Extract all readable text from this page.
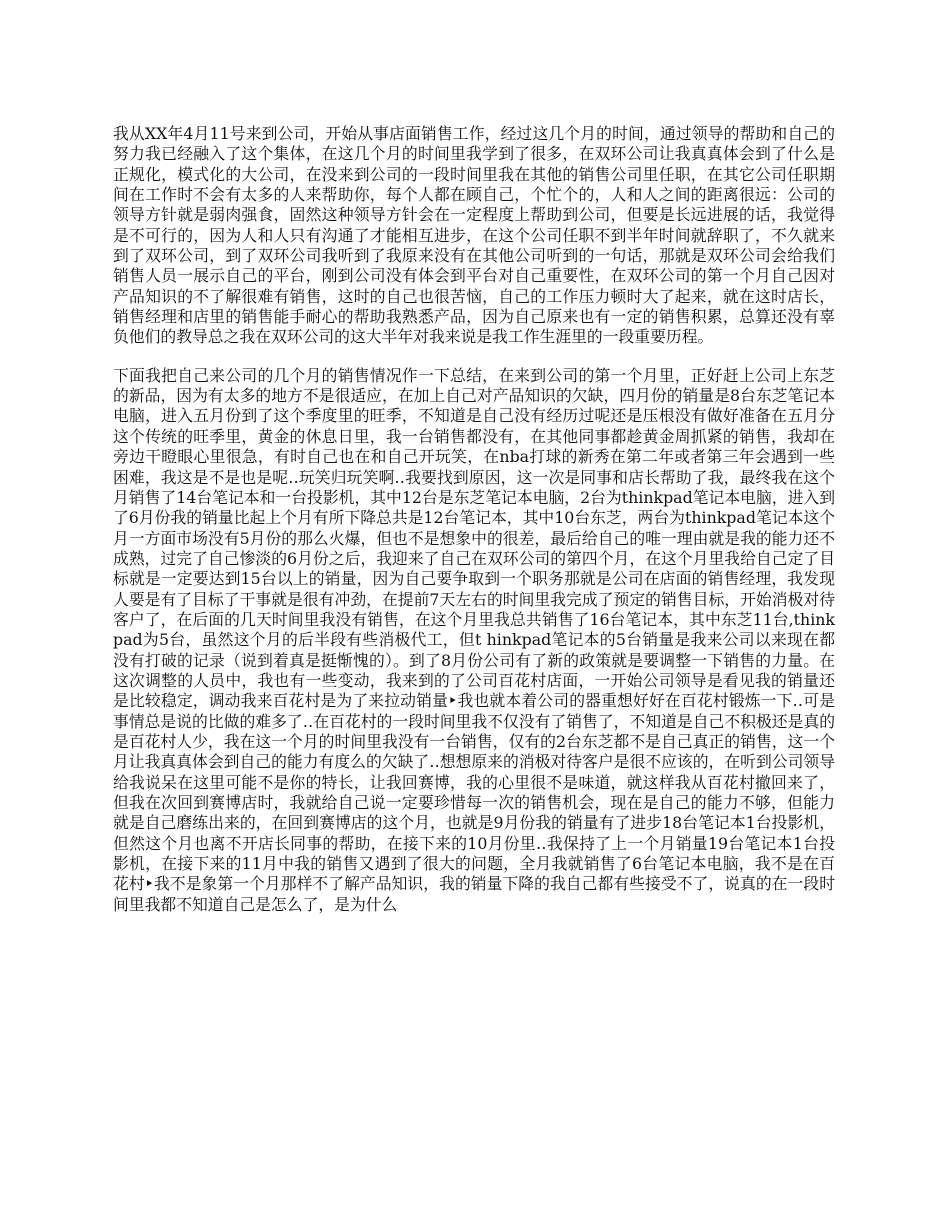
我从XX年4月11号来到公司，开始从事店面销售工作，经过这几个月的时间，通过领导的帮助和自己的努力我已经融入了这个集体，在这几个月的时间里我学到了很多，在双环公司让我真真体会到了什么是正规化，模式化的大公司，在没来到公司的一段时间里我在其他的销售公司里任职，在其它公司任职期间在工作时不会有太多的人来帮助你，每个人都在顾自己，个忙个的，人和人之间的距离很远：公司的领导方针就是弱肉强食，固然这种领导方针会在一定程度上帮助到公司，但要是长远进展的话，我觉得是不可行的，因为人和人只有沟通了才能相互进步，在这个公司任职不到半年时间就辞职了，不久就来到了双环公司，到了双环公司我听到了我原来没有在其他公司听到的一句话，那就是双环公司会给我们销售人员一展示自己的平台，刚到公司没有体会到平台对自己重要性，在双环公司的第一个月自己因对产品知识的不了解很难有销售，这时的自己也很苦恼，自己的工作压力顿时大了起来，就在这时店长，销售经理和店里的销售能手耐心的帮助我熟悉产品，因为自己原来也有一定的销售积累，总算还没有辜负他们的教导总之我在双环公司的这大半年对我来说是我工作生涯里的一段重要历程。

下面我把自己来公司的几个月的销售情况作一下总结，在来到公司的第一个月里，正好赶上公司上东芝的新品，因为有太多的地方不是很适应，在加上自己对产品知识的欠缺，四月份的销量是8台东芝笔记本电脑，进入五月份到了这个季度里的旺季，不知道是自己没有经历过呢还是压根没有做好准备在五月分这个传统的旺季里，黄金的休息日里，我一台销售都没有，在其他同事都趁黄金周抓紧的销售，我却在旁边干瞪眼心里很急，有时自己也在和自己开玩笑，在nba打球的新秀在第二年或者第三年会遇到一些困难，我这是不是也是呢‥玩笑归玩笑啊‥我要找到原因，这一次是同事和店长帮助了我，最终我在这个月销售了14台笔记本和一台投影机，其中12台是东芝笔记本电脑，2台为thinkpad笔记本电脑，进入到了6月份我的销量比起上个月有所下降总共是12台笔记本，其中10台东芝，两台为thinkpad笔记本这个月一方面市场没有5月份的那么火爆，但也不是想象中的很差，最后给自己的唯一理由就是我的能力还不成熟，过完了自己惨淡的6月份之后，我迎来了自己在双环公司的第四个月，在这个月里我给自己定了目标就是一定要达到15台以上的销量，因为自己要争取到一个职务那就是公司在店面的销售经理，我发现人要是有了目标了干事就是很有冲劲，在提前7天左右的时间里我完成了预定的销售目标，开始消极对待客户了，在后面的几天时间里我没有销售，在这个月里我总共销售了16台笔记本，其中东芝11台,thinkpad为5台，虽然这个月的后半段有些消极代工，但t hinkpad笔记本的5台销量是我来公司以来现在都没有打破的记录（说到着真是挺惭愧的）。到了8月份公司有了新的政策就是要调整一下销售的力量。在这次调整的人员中，我也有一些变动，我来到的了公司百花村店面，一开始公司领导是看见我的销量还是比较稳定，调动我来百花村是为了来拉动销量‣我也就本着公司的器重想好好在百花村锻炼一下‥可是事情总是说的比做的难多了‥在百花村的一段时间里我不仅没有了销售了，不知道是自己不积极还是真的是百花村人少，我在这一个月的时间里我没有一台销售，仅有的2台东芝都不是自己真正的销售，这一个月让我真真体会到自己的能力有度么的欠缺了‥想想原来的消极对待客户是很不应该的，在听到公司领导给我说呆在这里可能不是你的特长，让我回赛博，我的心里很不是味道，就这样我从百花村撤回来了，但我在次回到赛博店时，我就给自己说一定要珍惜每一次的销售机会，现在是自己的能力不够，但能力就是自己磨练出来的，在回到赛博店的这个月，也就是9月份我的销量有了进步18台笔记本1台投影机，但然这个月也离不开店长同事的帮助，在接下来的10月份里‥我保持了上一个月销量19台笔记本1台投影机，在接下来的11月中我的销售又遇到了很大的问题，全月我就销售了6台笔记本电脑，我不是在百花村‣我不是象第一个月那样不了解产品知识，我的销量下降的我自己都有些接受不了，说真的在一段时间里我都不知道自己是怎么了，是为什么
